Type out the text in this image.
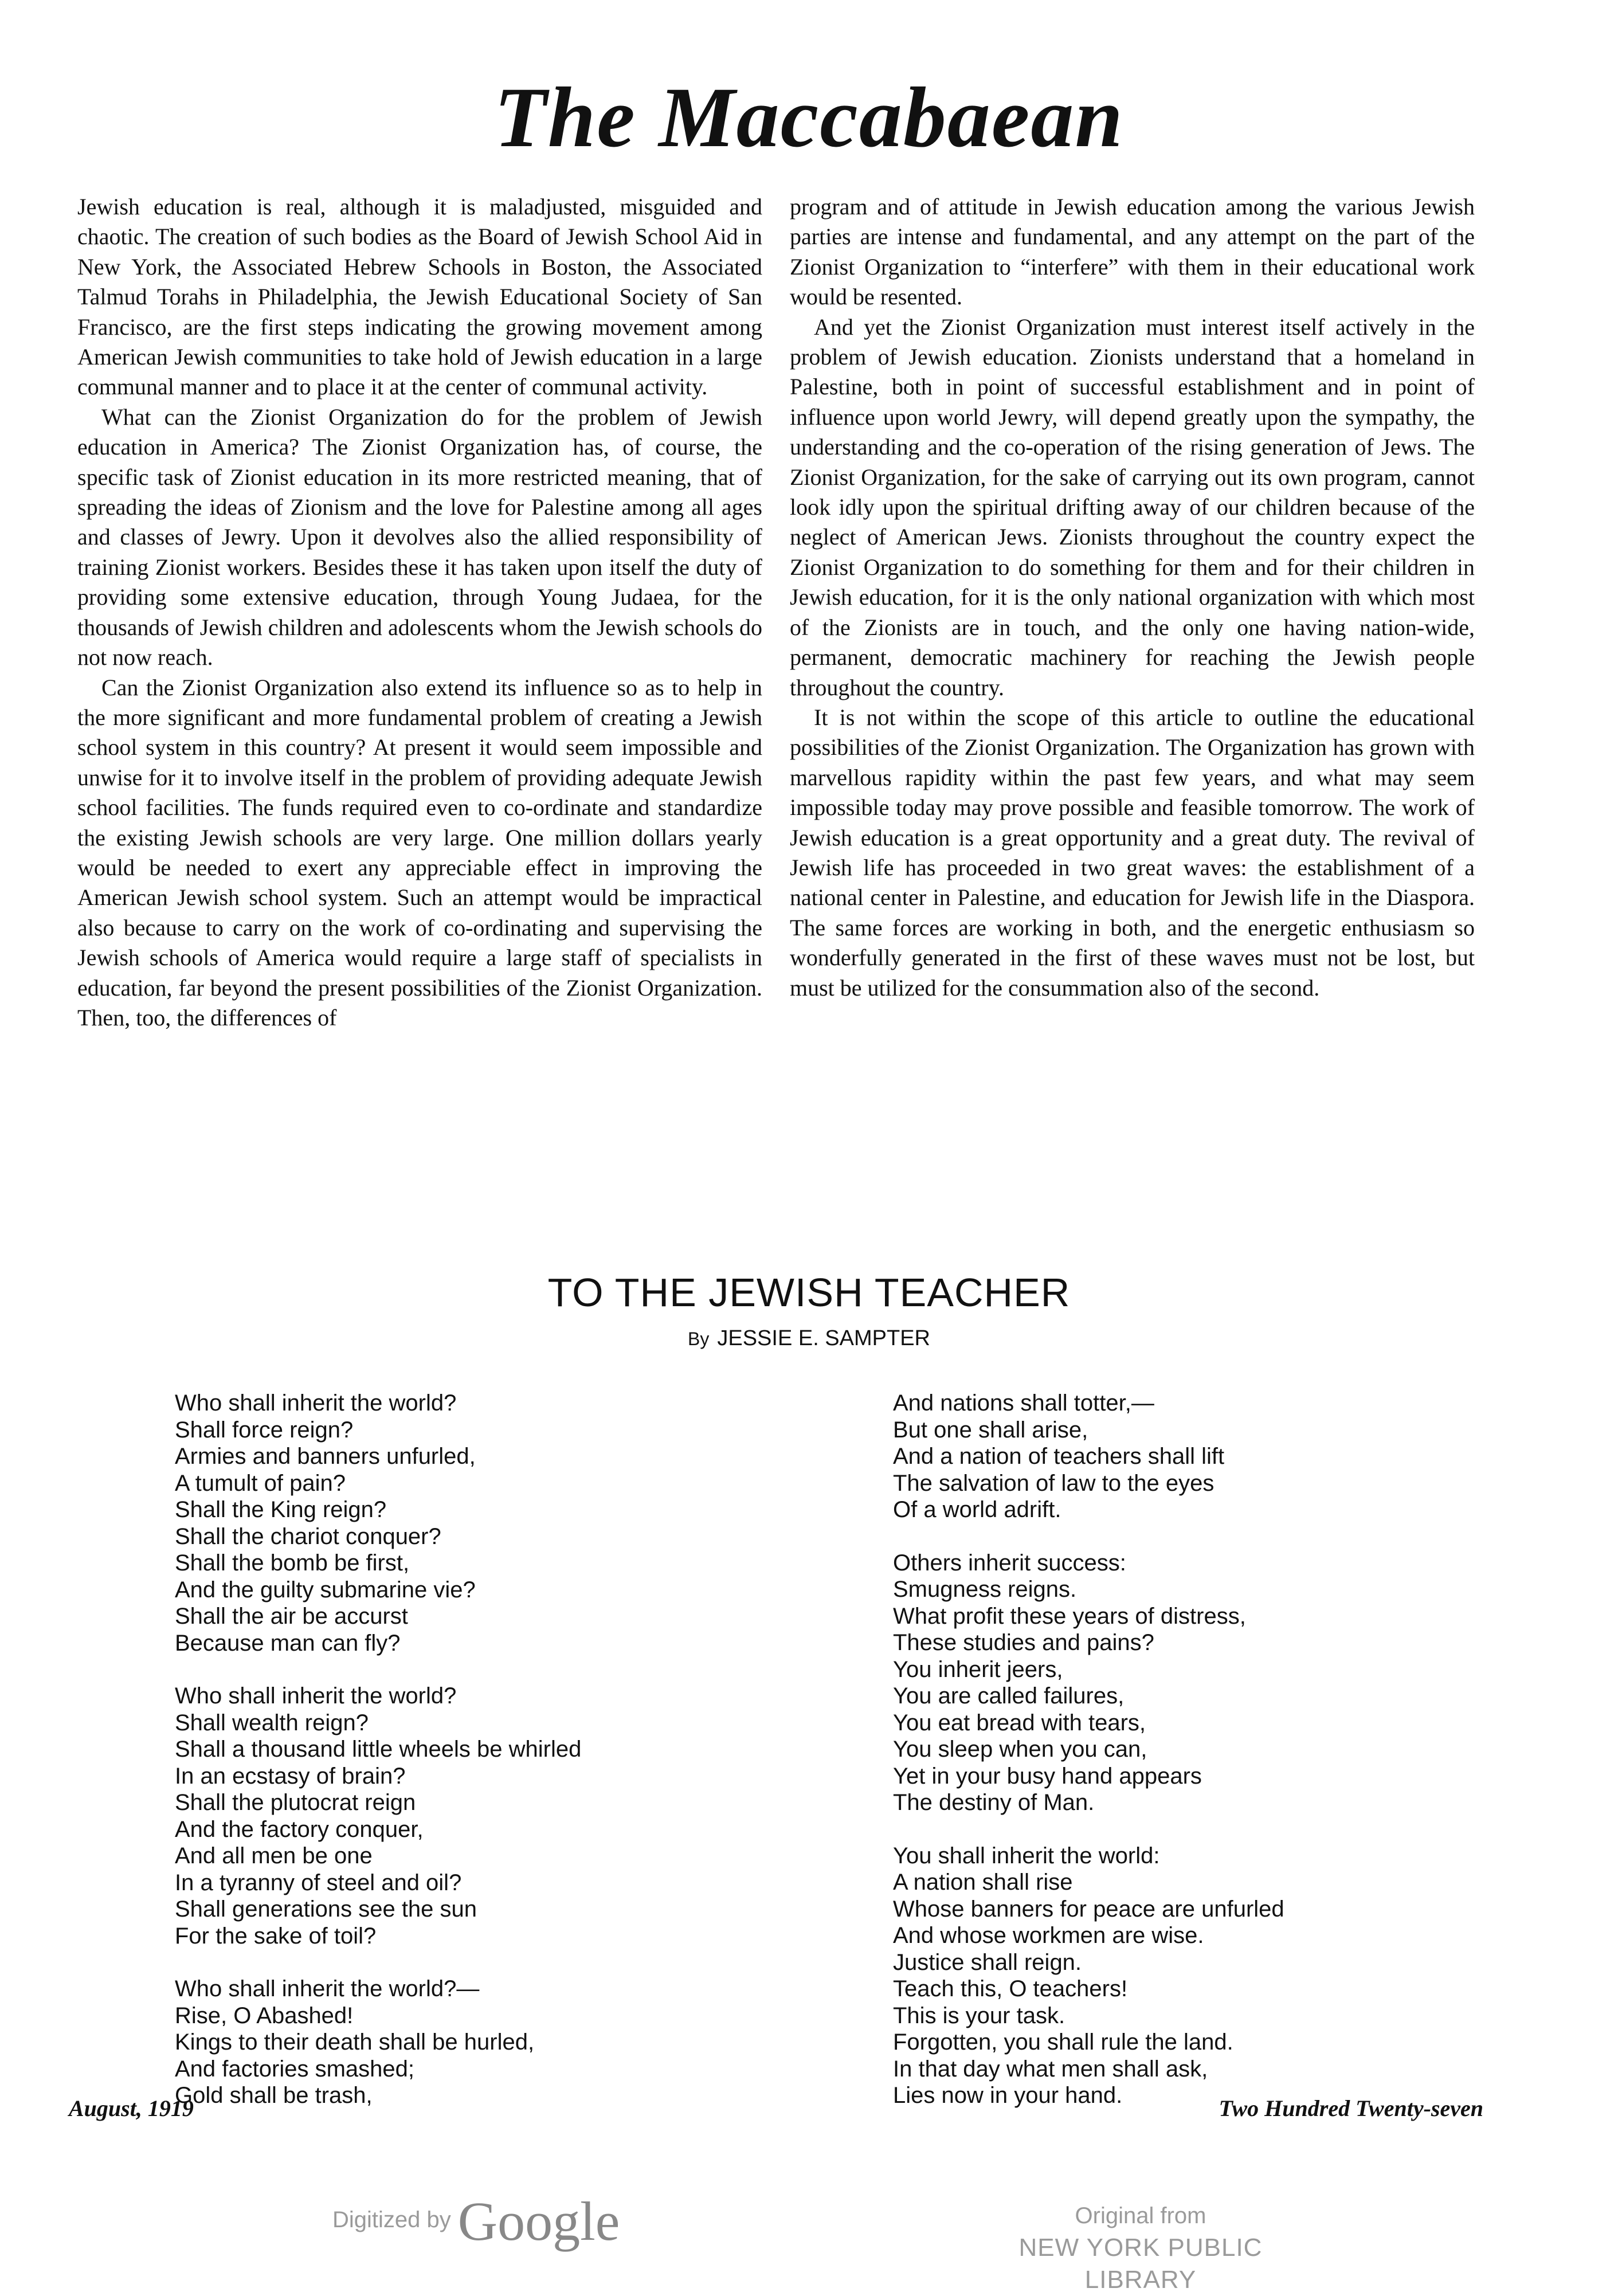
The Maccabaean

Jewish education is real, although it is maladjusted, misguided and chaotic. The creation of such bodies as the Board of Jewish School Aid in New York, the Associated Hebrew Schools in Boston, the Associated Talmud Torahs in Philadelphia, the Jewish Educational Society of San Francisco, are the first steps indicating the growing movement among American Jewish communities to take hold of Jewish education in a large communal manner and to place it at the center of communal activity.

What can the Zionist Organization do for the problem of Jewish education in America? The Zionist Organization has, of course, the specific task of Zionist education in its more restricted meaning, that of spreading the ideas of Zionism and the love for Palestine among all ages and classes of Jewry. Upon it devolves also the allied responsibility of training Zionist workers. Besides these it has taken upon itself the duty of providing some extensive education, through Young Judaea, for the thousands of Jewish children and adolescents whom the Jewish schools do not now reach.

Can the Zionist Organization also extend its influence so as to help in the more significant and more fundamental problem of creating a Jewish school system in this country? At present it would seem impossible and unwise for it to involve itself in the problem of providing adequate Jewish school facilities. The funds required even to co-ordinate and standardize the existing Jewish schools are very large. One million dollars yearly would be needed to exert any appreciable effect in improving the American Jewish school system. Such an attempt would be impractical also because to carry on the work of co-ordinating and supervising the Jewish schools of America would require a large staff of specialists in education, far beyond the present possibilities of the Zionist Organization. Then, too, the differences of

program and of attitude in Jewish education among the various Jewish parties are intense and fundamental, and any attempt on the part of the Zionist Organization to “interfere” with them in their educational work would be resented.

And yet the Zionist Organization must interest itself actively in the problem of Jewish education. Zionists understand that a homeland in Palestine, both in point of successful establishment and in point of influence upon world Jewry, will depend greatly upon the sympathy, the understanding and the co-operation of the rising generation of Jews. The Zionist Organization, for the sake of carrying out its own program, cannot look idly upon the spiritual drifting away of our children because of the neglect of American Jews. Zionists throughout the country expect the Zionist Organization to do something for them and for their children in Jewish education, for it is the only national organization with which most of the Zionists are in touch, and the only one having nation-wide, permanent, democratic machinery for reaching the Jewish people throughout the country.

It is not within the scope of this article to outline the educational possibilities of the Zionist Organization. The Organization has grown with marvellous rapidity within the past few years, and what may seem impossible today may prove possible and feasible tomorrow. The work of Jewish education is a great opportunity and a great duty. The revival of Jewish life has proceeded in two great waves: the establishment of a national center in Palestine, and education for Jewish life in the Diaspora. The same forces are working in both, and the energetic enthusiasm so wonderfully generated in the first of these waves must not be lost, but must be utilized for the consummation also of the second.

TO THE JEWISH TEACHER
By JESSIE E. SAMPTER
Who shall inherit the world?
Shall force reign?
Armies and banners unfurled,
A tumult of pain?
Shall the King reign?
Shall the chariot conquer?
Shall the bomb be first,
And the guilty submarine vie?
Shall the air be accurst
Because man can fly?
Who shall inherit the world?
Shall wealth reign?
Shall a thousand little wheels be whirled
In an ecstasy of brain?
Shall the plutocrat reign
And the factory conquer,
And all men be one
In a tyranny of steel and oil?
Shall generations see the sun
For the sake of toil?
Who shall inherit the world?—
Rise, O Abashed!
Kings to their death shall be hurled,
And factories smashed;
Gold shall be trash,
And nations shall totter,—
But one shall arise,
And a nation of teachers shall lift
The salvation of law to the eyes
Of a world adrift.
Others inherit success:
Smugness reigns.
What profit these years of distress,
These studies and pains?
You inherit jeers,
You are called failures,
You eat bread with tears,
You sleep when you can,
Yet in your busy hand appears
The destiny of Man.
You shall inherit the world:
A nation shall rise
Whose banners for peace are unfurled
And whose workmen are wise.
Justice shall reign.
Teach this, O teachers!
This is your task.
Forgotten, you shall rule the land.
In that day what men shall ask,
Lies now in your hand.
August, 1919	Two Hundred Twenty-seven
Digitized by Google	Original from
NEW YORK PUBLIC LIBRARY
